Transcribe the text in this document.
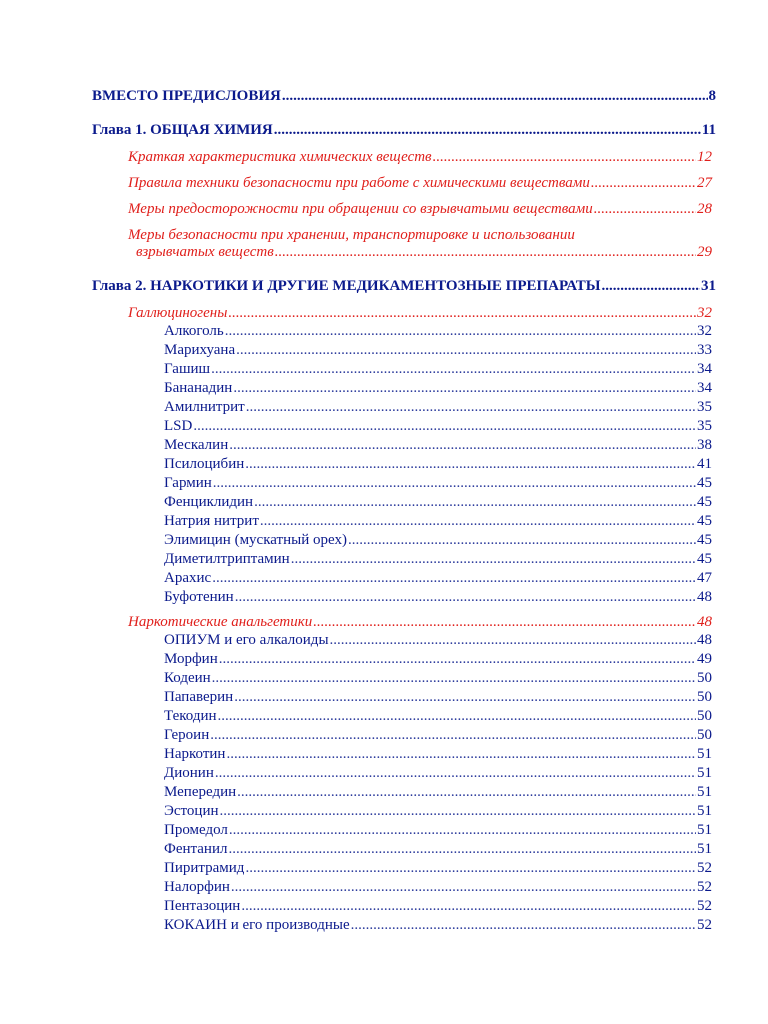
ВМЕСТО ПРЕДИСЛОВИЯ .....	8
Глава 1. ОБЩАЯ ХИМИЯ .....	11
Краткая характеристика химических веществ .....	12
Правила техники безопасности при работе с химическими веществами .....	27
Меры предосторожности при обращении со взрывчатыми веществами .....	28
Меры безопасности при хранении, транспортировке и использовании
взрывчатых веществ .....	29
Глава 2. НАРКОТИКИ И ДРУГИЕ МЕДИКАМЕНТОЗНЫЕ ПРЕПАРАТЫ .....	31
Галлюциногены .....	32
Алкоголь .....	32
Марихуана .....	33
Гашиш .....	34
Бананадин .....	34
Амилнитрит .....	35
LSD .....	35
Мескалин .....	38
Псилоцибин .....	41
Гармин .....	45
Фенциклидин .....	45
Натрия нитрит .....	45
Элимицин (мускатный орех) .....	45
Диметилтриптамин .....	45
Арахис .....	47
Буфотенин .....	48
Наркотические анальгетики .....	48
ОПИУМ и его алкалоиды .....	48
Морфин .....	49
Кодеин .....	50
Папаверин .....	50
Текодин .....	50
Героин .....	50
Наркотин .....	51
Дионин .....	51
Мепередин .....	51
Эстоцин .....	51
Промедол .....	51
Фентанил .....	51
Пиритрамид .....	52
Налорфин .....	52
Пентазоцин .....	52
КОКАИН и его производные .....	52
